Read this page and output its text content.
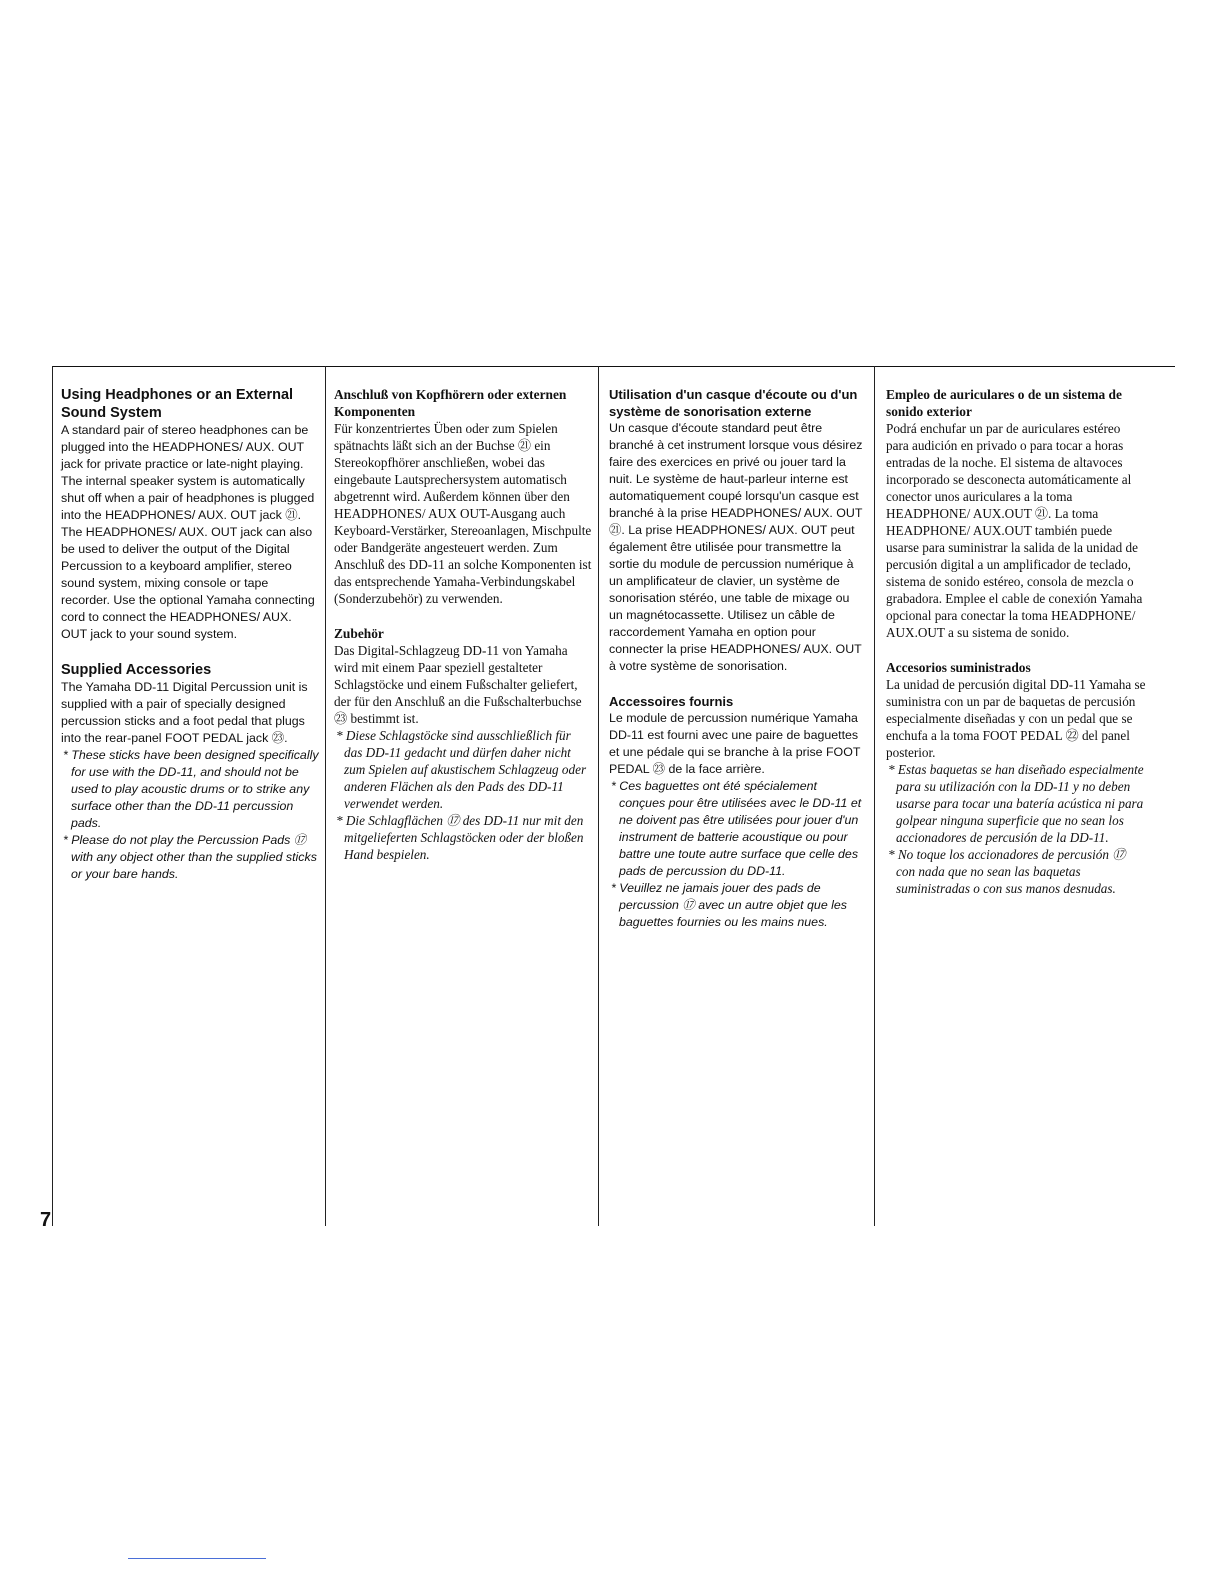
Using Headphones or an External Sound System

A standard pair of stereo headphones can be plugged into the HEADPHONES/ AUX. OUT jack for private practice or late-night playing. The internal speaker system is automatically shut off when a pair of headphones is plugged into the HEADPHONES/ AUX. OUT jack ㉑. The HEADPHONES/ AUX. OUT jack can also be used to deliver the output of the Digital Percussion to a keyboard amplifier, stereo sound system, mixing console or tape recorder. Use the optional Yamaha connecting cord to connect the HEADPHONES/ AUX. OUT jack to your sound system.

Supplied Accessories

The Yamaha DD-11 Digital Percussion unit is supplied with a pair of specially designed percussion sticks and a foot pedal that plugs into the rear-panel FOOT PEDAL jack ㉓.

* These sticks have been designed specifically for use with the DD-11, and should not be used to play acoustic drums or to strike any surface other than the DD-11 percussion pads.

* Please do not play the Percussion Pads ⑰ with any object other than the supplied sticks or your bare hands.

Anschluß von Kopfhörern oder externen Komponenten

Für konzentriertes Üben oder zum Spielen spätnachts läßt sich an der Buchse ㉑ ein Stereokopfhörer anschließen, wobei das eingebaute Lautsprechersystem automatisch abgetrennt wird. Außerdem können über den HEADPHONES/ AUX OUT-Ausgang auch Keyboard-Verstärker, Stereoanlagen, Mischpulte oder Bandgeräte angesteuert werden. Zum Anschluß des DD-11 an solche Komponenten ist das entsprechende Yamaha-Verbindungskabel (Sonderzubehör) zu verwenden.

Zubehör

Das Digital-Schlagzeug DD-11 von Yamaha wird mit einem Paar speziell gestalteter Schlagstöcke und einem Fußschalter geliefert, der für den Anschluß an die Fußschalterbuchse ㉓ bestimmt ist.

* Diese Schlagstöcke sind ausschließlich für das DD-11 gedacht und dürfen daher nicht zum Spielen auf akustischem Schlagzeug oder anderen Flächen als den Pads des DD-11 verwendet werden.

* Die Schlagflächen ⑰ des DD-11 nur mit den mitgelieferten Schlagstöcken oder der bloßen Hand bespielen.

Utilisation d'un casque d'écoute ou d'un système de sonorisation externe

Un casque d'écoute standard peut être branché à cet instrument lorsque vous désirez faire des exercices en privé ou jouer tard la nuit. Le système de haut-parleur interne est automatiquement coupé lorsqu'un casque est branché à la prise HEADPHONES/ AUX. OUT ㉑. La prise HEADPHONES/ AUX. OUT peut également être utilisée pour transmettre la sortie du module de percussion numérique à un amplificateur de clavier, un système de sonorisation stéréo, une table de mixage ou un magnétocassette. Utilisez un câble de raccordement Yamaha en option pour connecter la prise HEADPHONES/ AUX. OUT à votre système de sonorisation.

Accessoires fournis

Le module de percussion numérique Yamaha DD-11 est fourni avec une paire de baguettes et une pédale qui se branche à la prise FOOT PEDAL ㉓ de la face arrière.

* Ces baguettes ont été spécialement conçues pour être utilisées avec le DD-11 et ne doivent pas être utilisées pour jouer d'un instrument de batterie acoustique ou pour battre une toute autre surface que celle des pads de percussion du DD-11.

* Veuillez ne jamais jouer des pads de percussion ⑰ avec un autre objet que les baguettes fournies ou les mains nues.

Empleo de auriculares o de un sistema de sonido exterior

Podrá enchufar un par de auriculares estéreo para audición en privado o para tocar a horas entradas de la noche. El sistema de altavoces incorporado se desconecta automáticamente al conector unos auriculares a la toma HEADPHONE/ AUX.OUT ㉑. La toma HEADPHONE/ AUX.OUT también puede usarse para suministrar la salida de la unidad de percusión digital a un amplificador de teclado, sistema de sonido estéreo, consola de mezcla o grabadora. Emplee el cable de conexión Yamaha opcional para conectar la toma HEADPHONE/ AUX.OUT a su sistema de sonido.

Accesorios suministrados

La unidad de percusión digital DD-11 Yamaha se suministra con un par de baquetas de percusión especialmente diseñadas y con un pedal que se enchufa a la toma FOOT PEDAL ㉒ del panel posterior.

* Estas baquetas se han diseñado especialmente para su utilización con la DD-11 y no deben usarse para tocar una batería acústica ni para golpear ninguna superficie que no sean los accionadores de percusión de la DD-11.

* No toque los accionadores de percusión ⑰ con nada que no sean las baquetas suministradas o con sus manos desnudas.

7
